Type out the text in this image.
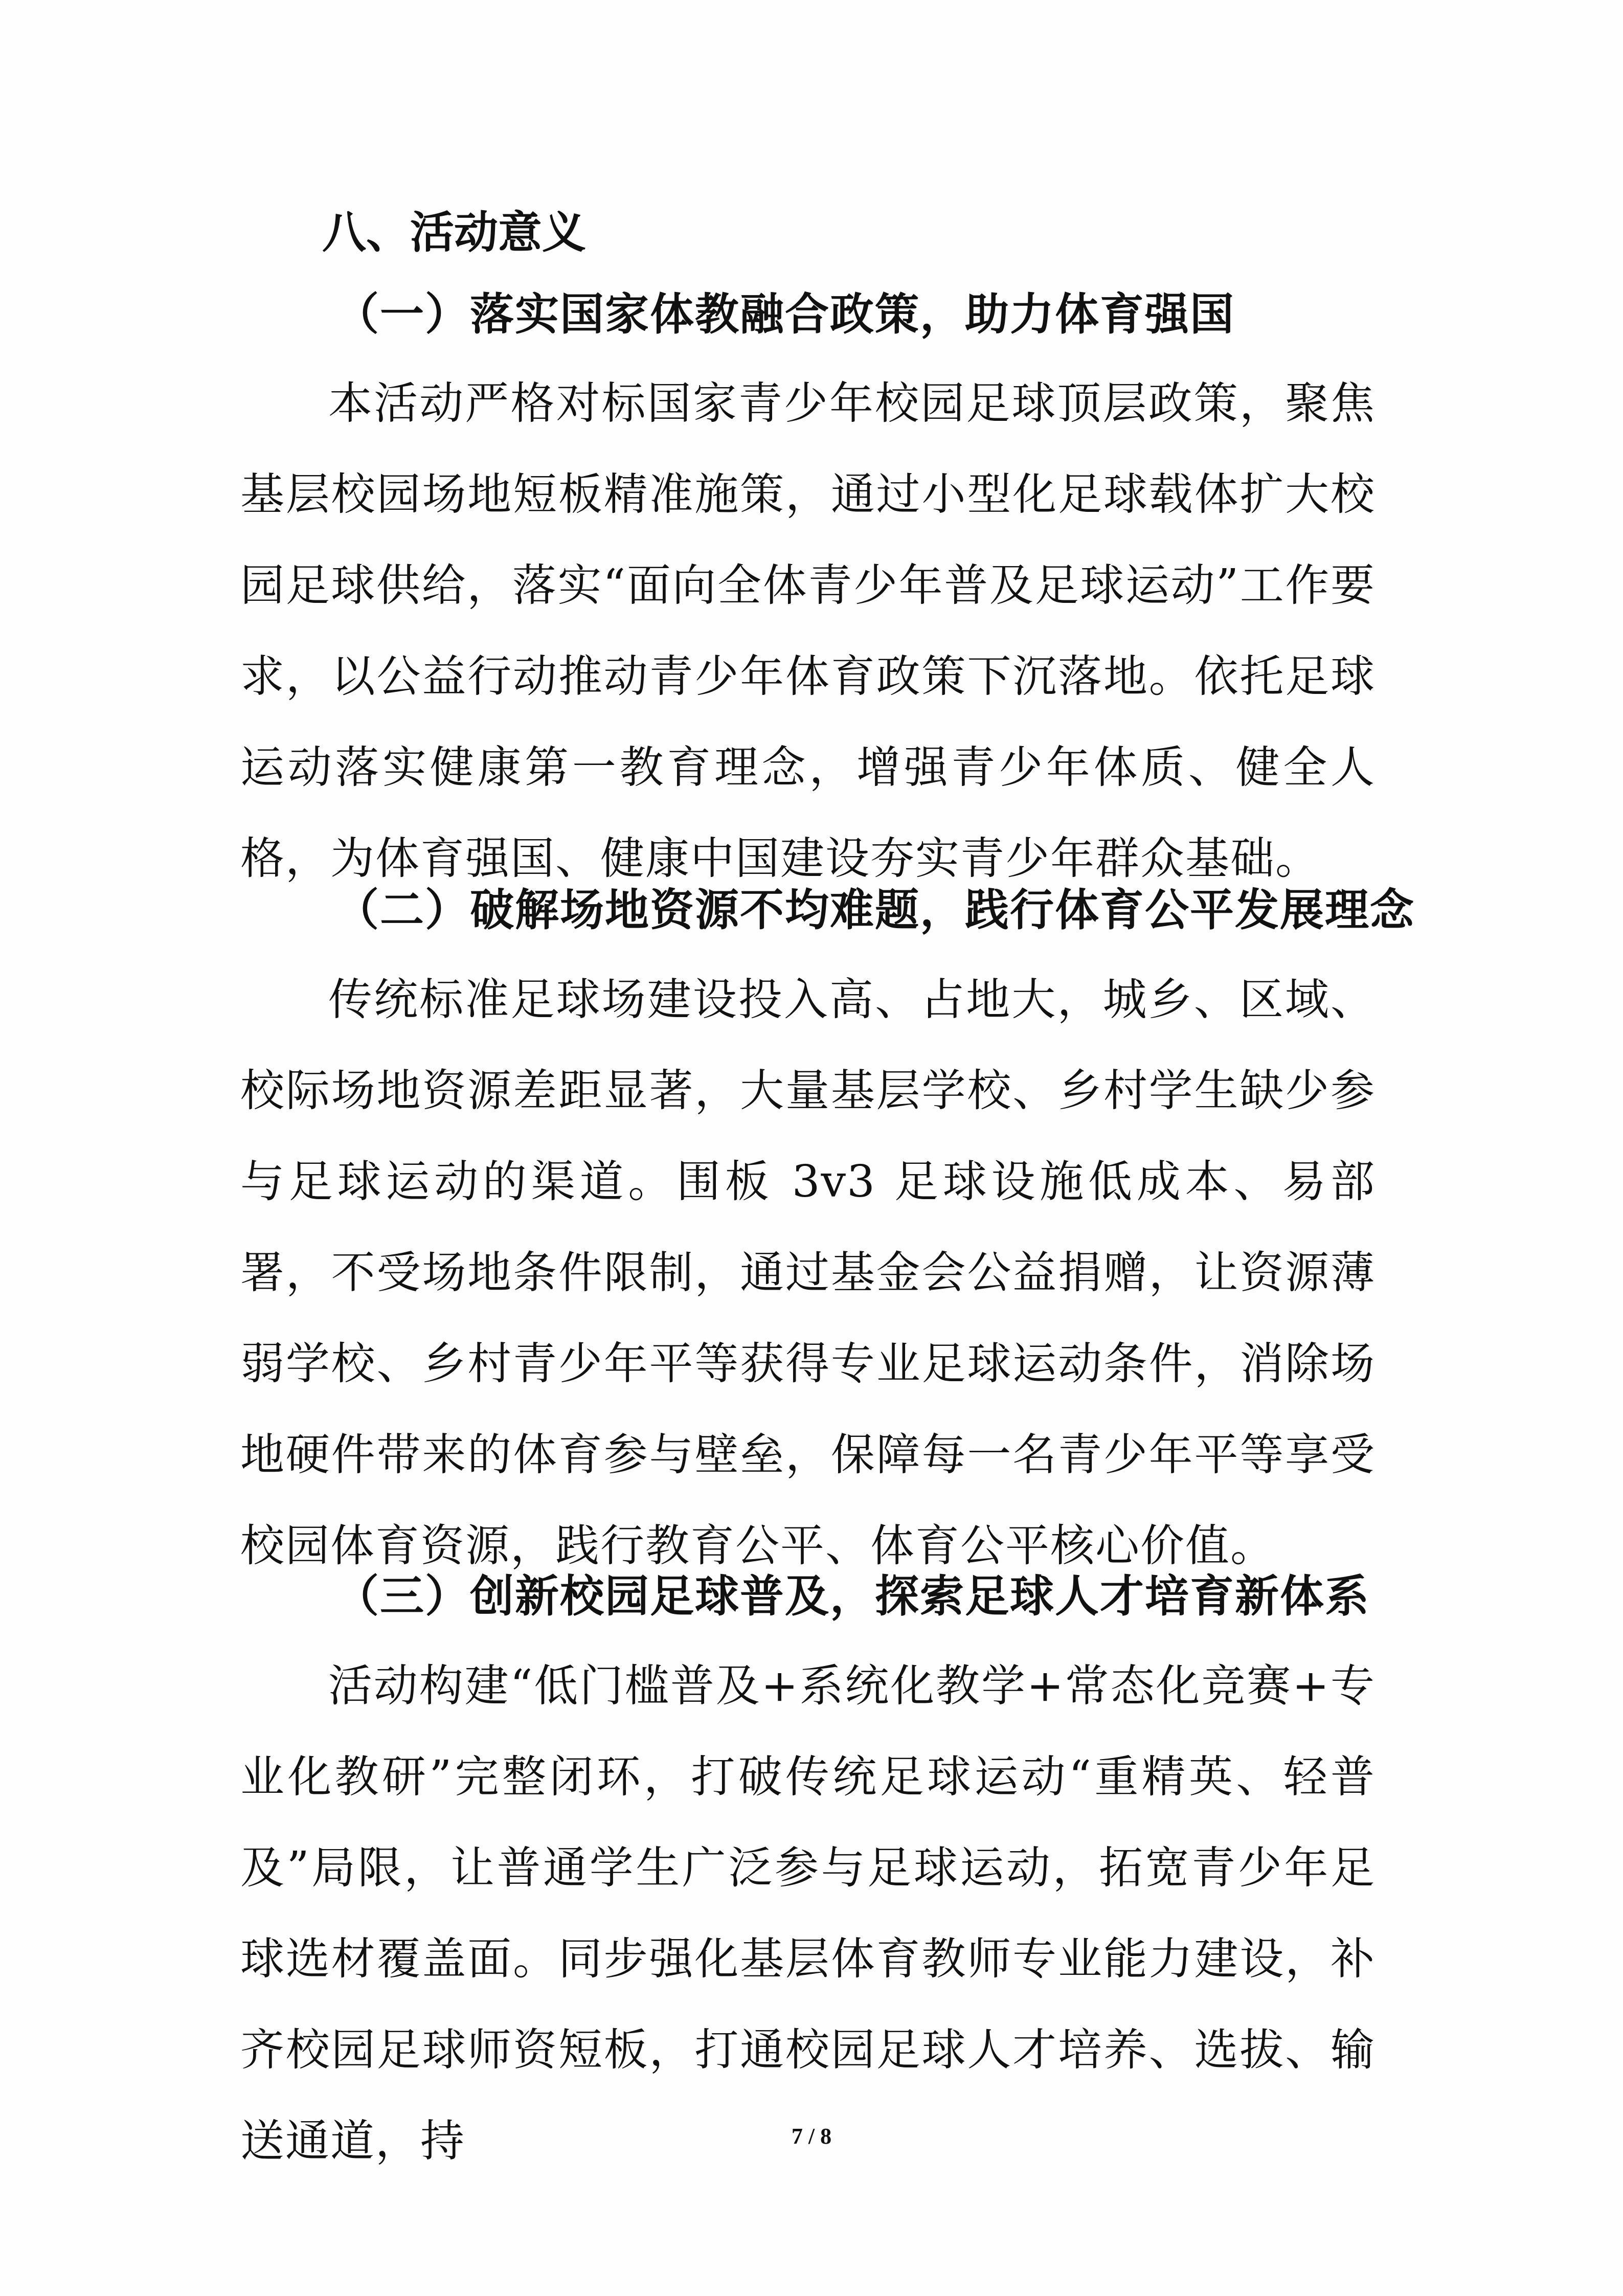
八、活动意义
（一）落实国家体教融合政策，助力体育强国

本活动严格对标国家青少年校园足球顶层政策，聚焦基层校园场地短板精准施策，通过小型化足球载体扩大校园足球供给，落实“面向全体青少年普及足球运动”工作要求，以公益行动推动青少年体育政策下沉落地。依托足球运动落实健康第一教育理念，增强青少年体质、健全人格，为体育强国、健康中国建设夯实青少年群众基础。

（二）破解场地资源不均难题，践行体育公平发展理念

传统标准足球场建设投入高、占地大，城乡、区域、校际场地资源差距显著，大量基层学校、乡村学生缺少参与足球运动的渠道。围板 3v3 足球设施低成本、易部署，不受场地条件限制，通过基金会公益捐赠，让资源薄弱学校、乡村青少年平等获得专业足球运动条件，消除场地硬件带来的体育参与壁垒，保障每一名青少年平等享受校园体育资源，践行教育公平、体育公平核心价值。

（三）创新校园足球普及，探索足球人才培育新体系

活动构建“低门槛普及+系统化教学+常态化竞赛+专业化教研”完整闭环，打破传统足球运动“重精英、轻普及”局限，让普通学生广泛参与足球运动，拓宽青少年足球选材覆盖面。同步强化基层体育教师专业能力建设，补齐校园足球师资短板，打通校园足球人才培养、选拔、输送通道，持	7 / 8
